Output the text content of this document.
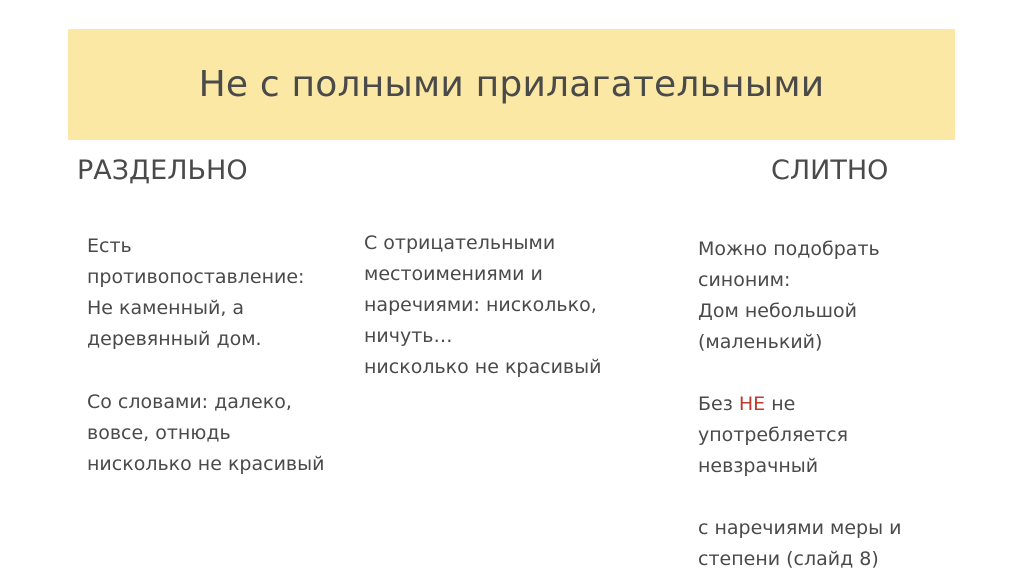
Не с полными прилагательными
РАЗДЕЛЬНО	СЛИТНО
Есть
противопоставление:
Не каменный, а
деревянный дом.
Со словами: далеко,
вовсе, отнюдь
нисколько не красивый
С отрицательными
местоимениями и
наречиями: нисколько,
ничуть…
нисколько не красивый
Можно подобрать
синоним:
Дом небольшой
(маленький)
Без НЕ не
употребляется
невзрачный
с наречиями меры и
степени (слайд 8)
